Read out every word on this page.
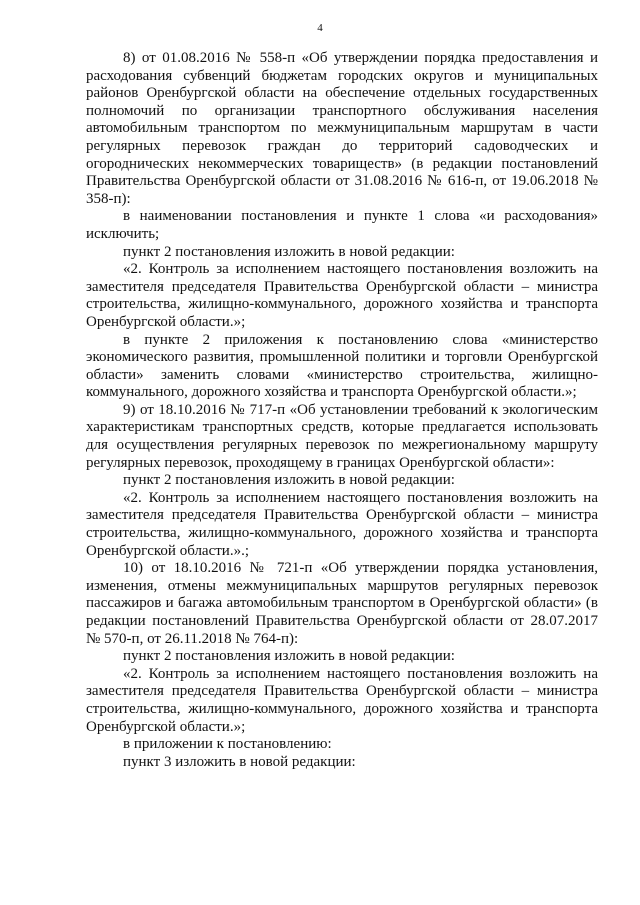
4

8) от 01.08.2016 № 558-п «Об утверждении порядка предоставления и расходования субвенций бюджетам городских округов и муниципальных районов Оренбургской области на обеспечение отдельных государственных полномочий по организации транспортного обслуживания населения автомобильным транспортом по межмуниципальным маршрутам в части регулярных перевозок граждан до территорий садоводческих и огороднических некоммерческих товариществ» (в редакции постановлений Правительства Оренбургской области от 31.08.2016 № 616-п, от 19.06.2018 № 358-п):

в наименовании постановления и пункте 1 слова «и расходования» исключить;

пункт 2 постановления изложить в новой редакции:

«2. Контроль за исполнением настоящего постановления возложить на заместителя председателя Правительства Оренбургской области – министра строительства, жилищно-коммунального, дорожного хозяйства и транспорта Оренбургской области.»;

в пункте 2 приложения к постановлению слова «министерство экономического развития, промышленной политики и торговли Оренбургской области» заменить словами «министерство строительства, жилищно-коммунального, дорожного хозяйства и транспорта Оренбургской области.»;

9) от 18.10.2016 № 717-п «Об установлении требований к экологическим характеристикам транспортных средств, которые предлагается использовать для осуществления регулярных перевозок по межрегиональному маршруту регулярных перевозок, проходящему в границах Оренбургской области»:

пункт 2 постановления изложить в новой редакции:

«2. Контроль за исполнением настоящего постановления возложить на заместителя председателя Правительства Оренбургской области – министра строительства, жилищно-коммунального, дорожного хозяйства и транспорта Оренбургской области.».;

10) от 18.10.2016 № 721-п «Об утверждении порядка установления, изменения, отмены межмуниципальных маршрутов регулярных перевозок пассажиров и багажа автомобильным транспортом в Оренбургской области» (в редакции постановлений Правительства Оренбургской области от 28.07.2017 № 570-п, от 26.11.2018 № 764-п):

пункт 2 постановления изложить в новой редакции:

«2. Контроль за исполнением настоящего постановления возложить на заместителя председателя Правительства Оренбургской области – министра строительства, жилищно-коммунального, дорожного хозяйства и транспорта Оренбургской области.»;

в приложении к постановлению:

пункт 3 изложить в новой редакции:
